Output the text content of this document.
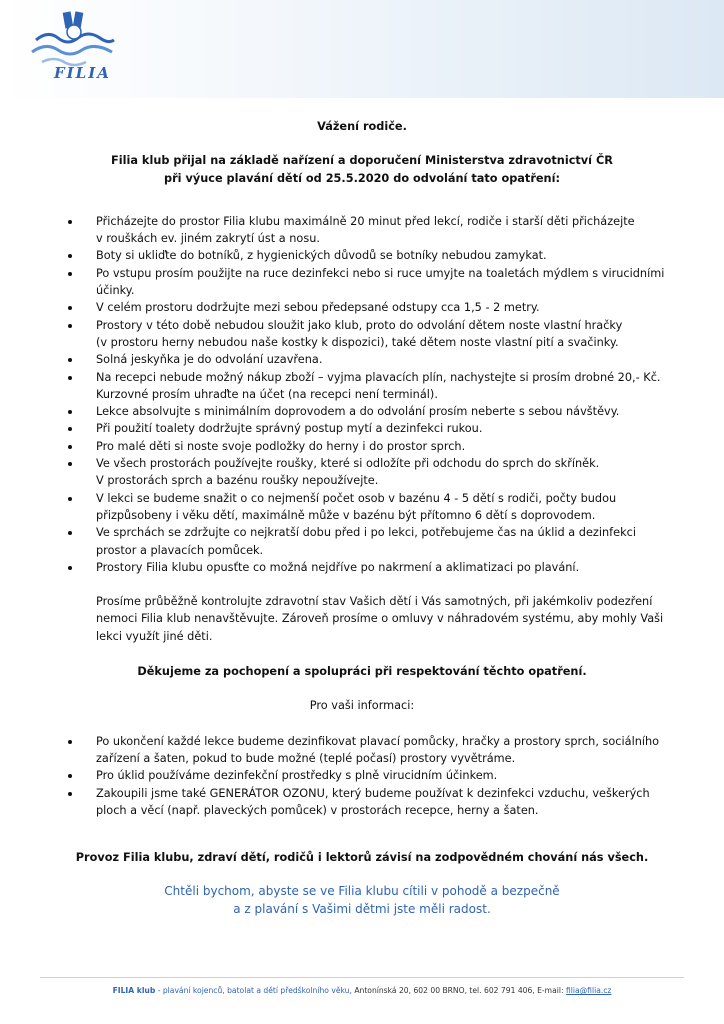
FILIA
Vážení rodiče.
Filia klub přijal na základě nařízení a doporučení Ministerstva zdravotnictví ČR
při výuce plavání dětí od 25.5.2020 do odvolání tato opatření:
Přicházejte do prostor Filia klubu maximálně 20 minut před lekcí, rodiče i starší děti přicházejte
v rouškách ev. jiném zakrytí úst a nosu.
Boty si ukliďte do botníků, z hygienických důvodů se botníky nebudou zamykat.
Po vstupu prosím použijte na ruce dezinfekci nebo si ruce umyjte na toaletách mýdlem s virucidními
účinky.
V celém prostoru dodržujte mezi sebou předepsané odstupy cca 1,5 - 2 metry.
Prostory v této době nebudou sloužit jako klub, proto do odvolání dětem noste vlastní hračky
(v prostoru herny nebudou naše kostky k dispozici), také dětem noste vlastní pití a svačinky.
Solná jeskyňka je do odvolání uzavřena.
Na recepci nebude možný nákup zboží – vyjma plavacích plín, nachystejte si prosím drobné 20,- Kč.
Kurzovné prosím uhraďte na účet (na recepci není terminál).
Lekce absolvujte s minimálním doprovodem a do odvolání prosím neberte s sebou návštěvy.
Při použití toalety dodržujte správný postup mytí a dezinfekci rukou.
Pro malé děti si noste svoje podložky do herny i do prostor sprch.
Ve všech prostorách používejte roušky, které si odložíte při odchodu do sprch do skříněk.
V prostorách sprch a bazénu roušky nepoužívejte.
V lekci se budeme snažit o co nejmenší počet osob v bazénu 4 - 5 dětí s rodiči, počty budou
přizpůsobeny i věku dětí, maximálně může v bazénu být přítomno 6 dětí s doprovodem.
Ve sprchách se zdržujte co nejkratší dobu před i po lekci, potřebujeme čas na úklid a dezinfekci
prostor a plavacích pomůcek.
Prostory Filia klubu opusťte co možná nejdříve po nakrmení a aklimatizaci po plavání.
Prosíme průběžně kontrolujte zdravotní stav Vašich dětí i Vás samotných, při jakémkoliv podezření
nemoci Filia klub nenavštěvujte. Zároveň prosíme o omluvy v náhradovém systému, aby mohly Vaši
lekci využít jiné děti.
Děkujeme za pochopení a spolupráci při respektování těchto opatření.
Pro vaši informaci:
Po ukončení každé lekce budeme dezinfikovat plavací pomůcky, hračky a prostory sprch, sociálního
zařízení a šaten, pokud to bude možné (teplé počasí) prostory vyvětráme.
Pro úklid používáme dezinfekční prostředky s plně virucidním účinkem.
Zakoupili jsme také GENERÁTOR OZONU, který budeme používat k dezinfekci vzduchu, veškerých
ploch a věcí (např. plaveckých pomůcek) v prostorách recepce, herny a šaten.
Provoz Filia klubu, zdraví dětí, rodičů i lektorů závisí na zodpovědném chování nás všech.
Chtěli bychom, abyste se ve Filia klubu cítili v pohodě a bezpečně
a z plavání s Vašimi dětmi jste měli radost.
FILIA klub - plavání kojenců, batolat a dětí předškolního věku, Antonínská 20, 602 00 BRNO, tel. 602 791 406, E-mail: filia@filia.cz
